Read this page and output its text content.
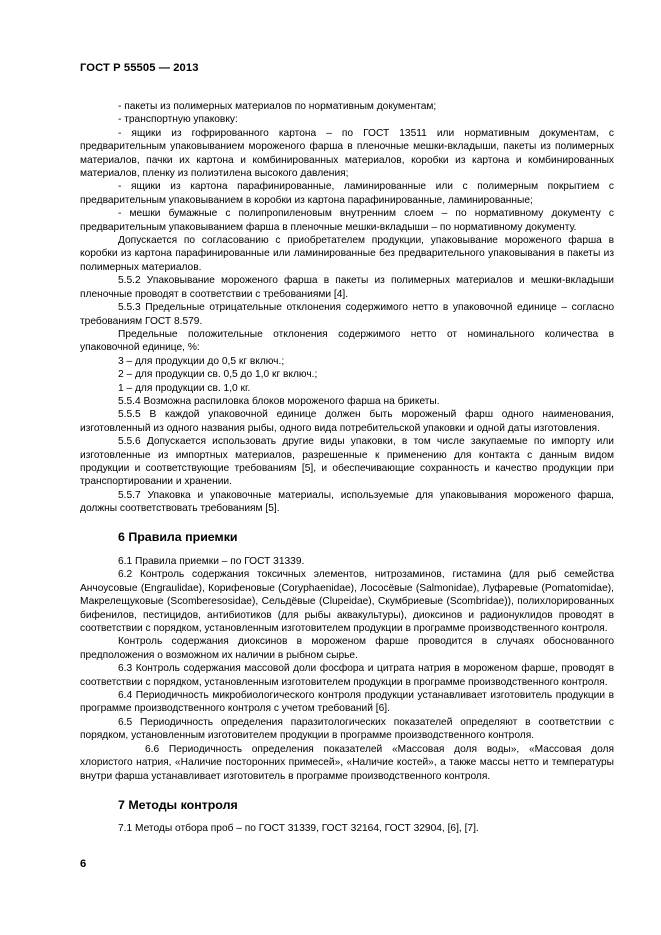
ГОСТ Р 55505 — 2013

- пакеты из полимерных материалов по нормативным документам;

- транспортную упаковку:

- ящики из гофрированного картона – по ГОСТ 13511 или нормативным документам, с предварительным упаковыванием мороженого фарша в пленочные мешки-вкладыши, пакеты из полимерных материалов, пачки их картона и комбинированных материалов, коробки из картона и комбинированных материалов, пленку из полиэтилена высокого давления;

- ящики из картона парафинированные, ламинированные или с полимерным покрытием с предварительным упаковыванием в коробки из картона парафинированные, ламинированные;

- мешки бумажные с полипропиленовым внутренним слоем – по нормативному документу с предварительным упаковыванием фарша в пленочные мешки-вкладыши – по нормативному документу.

Допускается по согласованию с приобретателем продукции, упаковывание мороженого фарша в коробки из картона парафинированные или ламинированные без предварительного упаковывания в пакеты из полимерных материалов.

5.5.2 Упаковывание мороженого фарша в пакеты из полимерных материалов и мешки-вкладыши пленочные проводят в соответствии с требованиями [4].

5.5.3 Предельные отрицательные отклонения содержимого нетто в упаковочной единице – согласно требованиям ГОСТ 8.579.

Предельные положительные отклонения содержимого нетто от номинального количества в упаковочной единице, %:

3 – для продукции до 0,5 кг включ.;

2 – для продукции св. 0,5 до 1,0 кг включ.;

1 – для продукции св. 1,0 кг.

5.5.4 Возможна распиловка блоков мороженого фарша на брикеты.

5.5.5 В каждой упаковочной единице должен быть мороженый фарш одного наименования, изготовленный из одного названия рыбы, одного вида потребительской упаковки и одной даты изготовления.

5.5.6 Допускается использовать другие виды упаковки, в том числе закупаемые по импорту или изготовленные из импортных материалов, разрешенные к применению для контакта с данным видом продукции и соответствующие требованиям [5], и обеспечивающие сохранность и качество продукции при транспортировании и хранении.

5.5.7 Упаковка и упаковочные материалы, используемые для упаковывания мороженого фарша, должны соответствовать требованиям [5].

6 Правила приемки

6.1 Правила приемки – по ГОСТ 31339.

6.2 Контроль содержания токсичных элементов, нитрозаминов, гистамина (для рыб семейства Анчоусовые (Engraulidae), Корифеновые (Coryphaenidae), Лососёвые (Salmonidae), Луфаревые (Pomatomidae), Макрелещуковые (Scomberesosidae), Сельдёвые (Clupeidae), Скумбриевые (Scombridae)), полихлорированных бифенилов, пестицидов, антибиотиков (для рыбы аквакультуры), диоксинов и радионуклидов проводят в соответствии с порядком, установленным изготовителем продукции в программе производственного контроля.

Контроль содержания диоксинов в мороженом фарше проводится в случаях обоснованного предположения о возможном их наличии в рыбном сырье.

6.3 Контроль содержания массовой доли фосфора и цитрата натрия в мороженом фарше, проводят в соответствии с порядком, установленным изготовителем продукции в программе производственного контроля.

6.4 Периодичность микробиологического контроля продукции устанавливает изготовитель продукции в программе производственного контроля с учетом требований [6].

6.5 Периодичность определения паразитологических показателей определяют в соответствии с порядком, установленным изготовителем продукции в программе производственного контроля.

6.6 Периодичность определения показателей «Массовая доля воды», «Массовая доля хлористого натрия, «Наличие посторонних примесей», «Наличие костей», а также массы нетто и температуры внутри фарша устанавливает изготовитель в программе производственного контроля.

7 Методы контроля

7.1 Методы отбора проб – по ГОСТ 31339, ГОСТ 32164, ГОСТ 32904, [6], [7].

6
